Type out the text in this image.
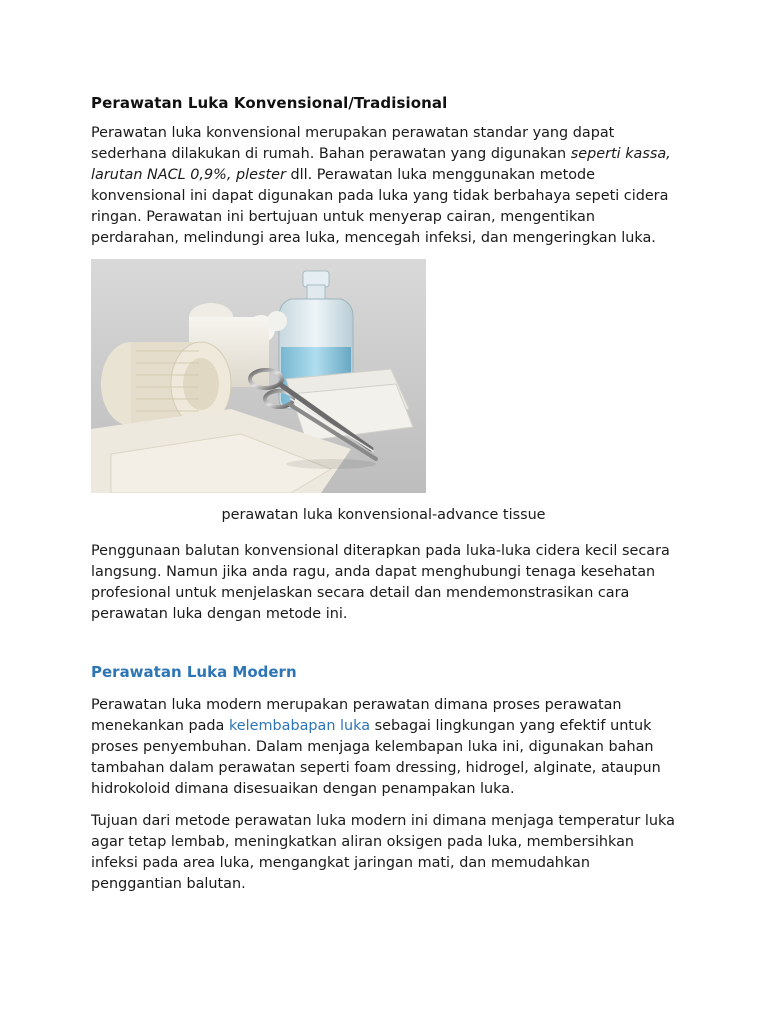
Perawatan Luka Konvensional/Tradisional
Perawatan luka konvensional merupakan perawatan standar yang dapat sederhana dilakukan di rumah. Bahan perawatan yang digunakan seperti kassa, larutan NACL 0,9%, plester dll. Perawatan luka menggunakan metode konvensional ini dapat digunakan pada luka yang tidak berbahaya sepeti cidera ringan. Perawatan ini bertujuan untuk menyerap cairan, mengentikan perdarahan, melindungi area luka, mencegah infeksi, dan mengeringkan luka.
perawatan luka konvensional-advance tissue
Penggunaan balutan konvensional diterapkan pada luka-luka cidera kecil secara langsung. Namun jika anda ragu, anda dapat menghubungi tenaga kesehatan profesional untuk menjelaskan secara detail dan mendemonstrasikan cara perawatan luka dengan metode ini.
Perawatan Luka Modern
Perawatan luka modern merupakan perawatan dimana proses perawatan menekankan pada kelembabapan luka sebagai lingkungan yang efektif untuk proses penyembuhan. Dalam menjaga kelembapan luka ini, digunakan bahan tambahan dalam perawatan seperti foam dressing, hidrogel, alginate, ataupun hidrokoloid dimana disesuaikan dengan penampakan luka.
Tujuan dari metode perawatan luka modern ini dimana menjaga temperatur luka agar tetap lembab, meningkatkan aliran oksigen pada luka, membersihkan infeksi pada area luka, mengangkat jaringan mati, dan memudahkan penggantian balutan.
